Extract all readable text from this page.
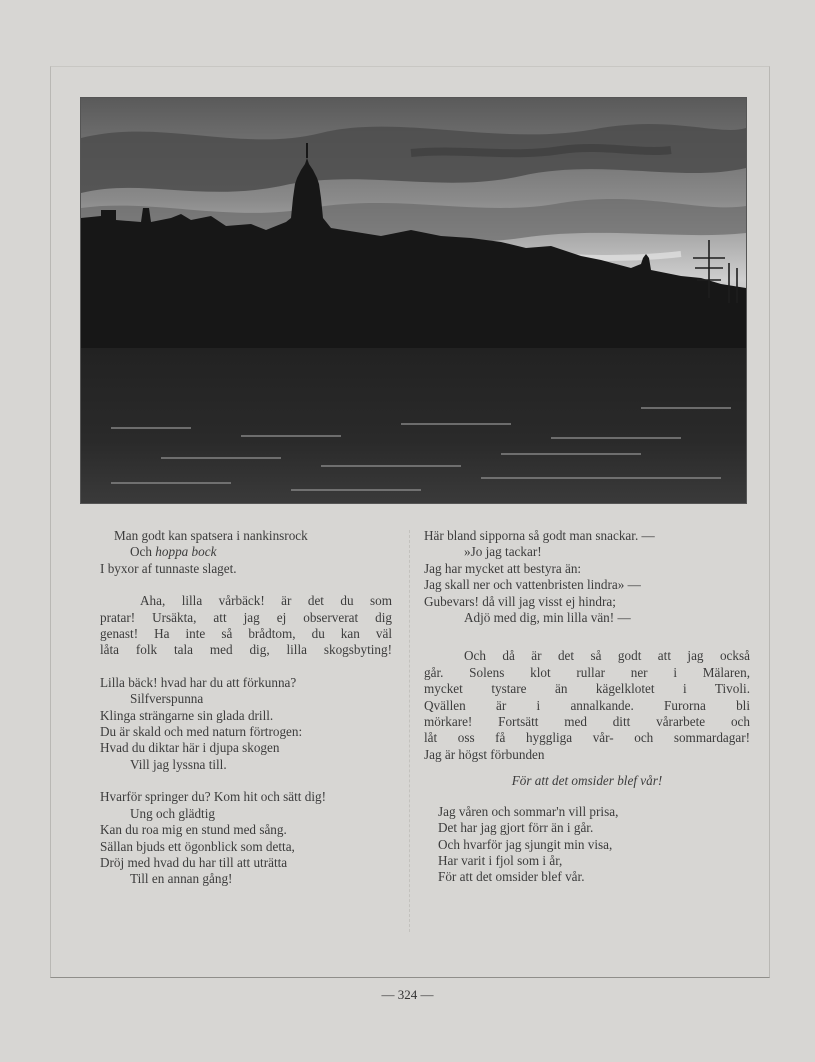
Man godt kan spatsera i nankinsrock
Och hoppa bock
I byxor af tunnaste slaget.
Aha, lilla vårbäck! är det du som
pratar! Ursäkta, att jag ej observerat dig
genast! Ha inte så brådtom, du kan väl
låta folk tala med dig, lilla skogsbyting!
Lilla bäck! hvad har du att förkunna?
Silfverspunna
Klinga strängarne sin glada drill.
Du är skald och med naturn förtrogen:
Hvad du diktar här i djupa skogen
Vill jag lyssna till.
Hvarför springer du? Kom hit och sätt dig!
Ung och glädtig
Kan du roa mig en stund med sång.
Sällan bjuds ett ögonblick som detta,
Dröj med hvad du har till att uträtta
Till en annan gång!
Här bland sipporna så godt man snackar. —
»Jo jag tackar!
Jag har mycket att bestyra än:
Jag skall ner och vattenbristen lindra» —
Gubevars! då vill jag visst ej hindra;
Adjö med dig, min lilla vän! —
Och då är det så godt att jag också
går. Solens klot rullar ner i Mälaren,
mycket tystare än kägelklotet i Tivoli.
Qvällen är i annalkande. Furorna bli
mörkare! Fortsätt med ditt vårarbete och
låt oss få hyggliga vår- och sommardagar!
Jag är högst förbunden
För att det omsider blef vår!
Jag våren och sommar'n vill prisa,
Det har jag gjort förr än i går.
Och hvarför jag sjungit min visa,
Har varit i fjol som i år,
För att det omsider blef vår.
— 324 —
